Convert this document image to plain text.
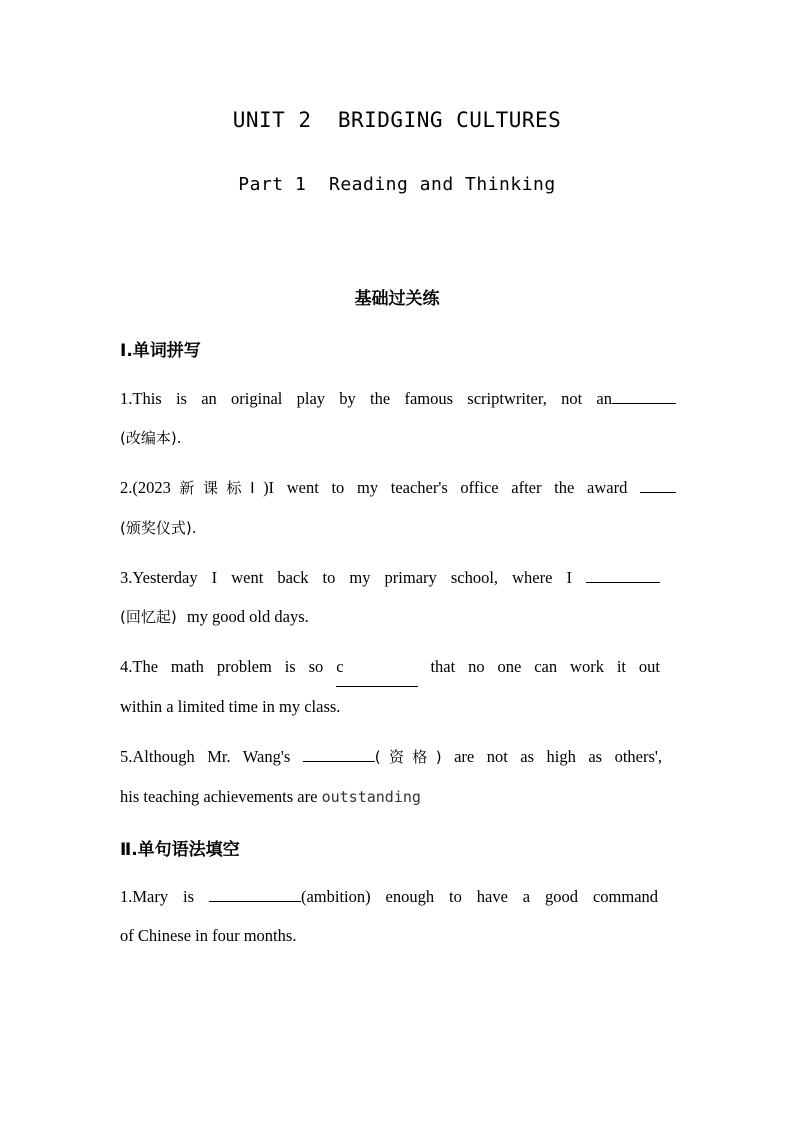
UNIT 2  BRIDGING CULTURES
Part 1  Reading and Thinking
基础过关练
Ⅰ.单词拼写
1.This is an original play by the famous scriptwriter, not an
(改编本).
2.(2023新课标Ⅰ)I went to my teacher's office after the award
(颁奖仪式).
3.Yesterday I went back to my primary school, where I
(回忆起) my good old days.
4.The math problem is so c	that no one can work it out
within a limited time in my class.
5.Although Mr. Wang's	(资格) are not as high as others',
his teaching achievements are outstanding
Ⅱ.单句语法填空
1.Mary is	(ambition) enough to have a good command
of Chinese in four months.
